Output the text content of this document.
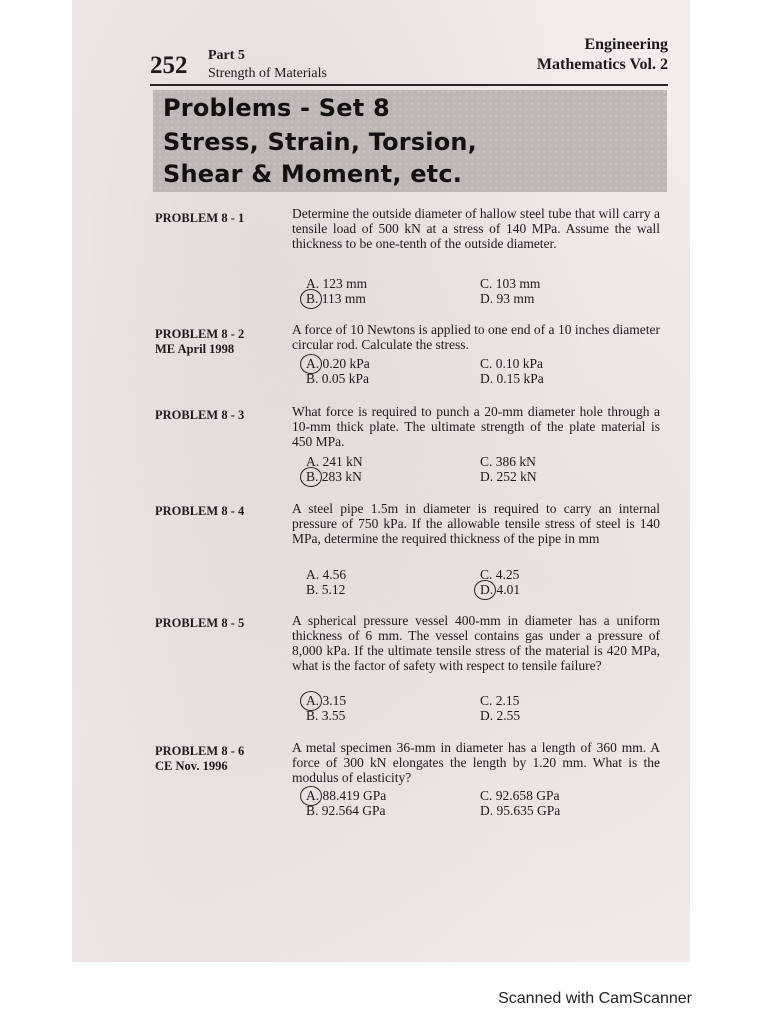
252 Part 5
Strength of Materials
Engineering
Mathematics Vol. 2
Problems - Set 8
Stress, Strain, Torsion,
Shear & Moment, etc.
PROBLEM 8 - 1	Determine the outside diameter of hallow steel tube that will carry a tensile load of 500 kN at a stress of 140 MPa. Assume the wall thickness to be one-tenth of the outside diameter.
A. 123 mm
B. 113 mm
C. 103 mm
D. 93 mm
PROBLEM 8 - 2
ME April 1998
A force of 10 Newtons is applied to one end of a 10 inches diameter circular rod. Calculate the stress.
A. 0.20 kPa
B. 0.05 kPa
C. 0.10 kPa
D. 0.15 kPa
PROBLEM 8 - 3	What force is required to punch a 20-mm diameter hole through a 10-mm thick plate. The ultimate strength of the plate material is 450 MPa.
A. 241 kN
B. 283 kN
C. 386 kN
D. 252 kN
PROBLEM 8 - 4	A steel pipe 1.5m in diameter is required to carry an internal pressure of 750 kPa. If the allowable tensile stress of steel is 140 MPa, determine the required thickness of the pipe in mm
A. 4.56
B. 5.12
C. 4.25
D. 4.01
PROBLEM 8 - 5	A spherical pressure vessel 400-mm in diameter has a uniform thickness of 6 mm. The vessel contains gas under a pressure of 8,000 kPa. If the ultimate tensile stress of the material is 420 MPa, what is the factor of safety with respect to tensile failure?
A. 3.15
B. 3.55
C. 2.15
D. 2.55
PROBLEM 8 - 6
CE Nov. 1996
A metal specimen 36-mm in diameter has a length of 360 mm. A force of 300 kN elongates the length by 1.20 mm. What is the modulus of elasticity?
A. 88.419 GPa
B. 92.564 GPa
C. 92.658 GPa
D. 95.635 GPa
Scanned with CamScanner
